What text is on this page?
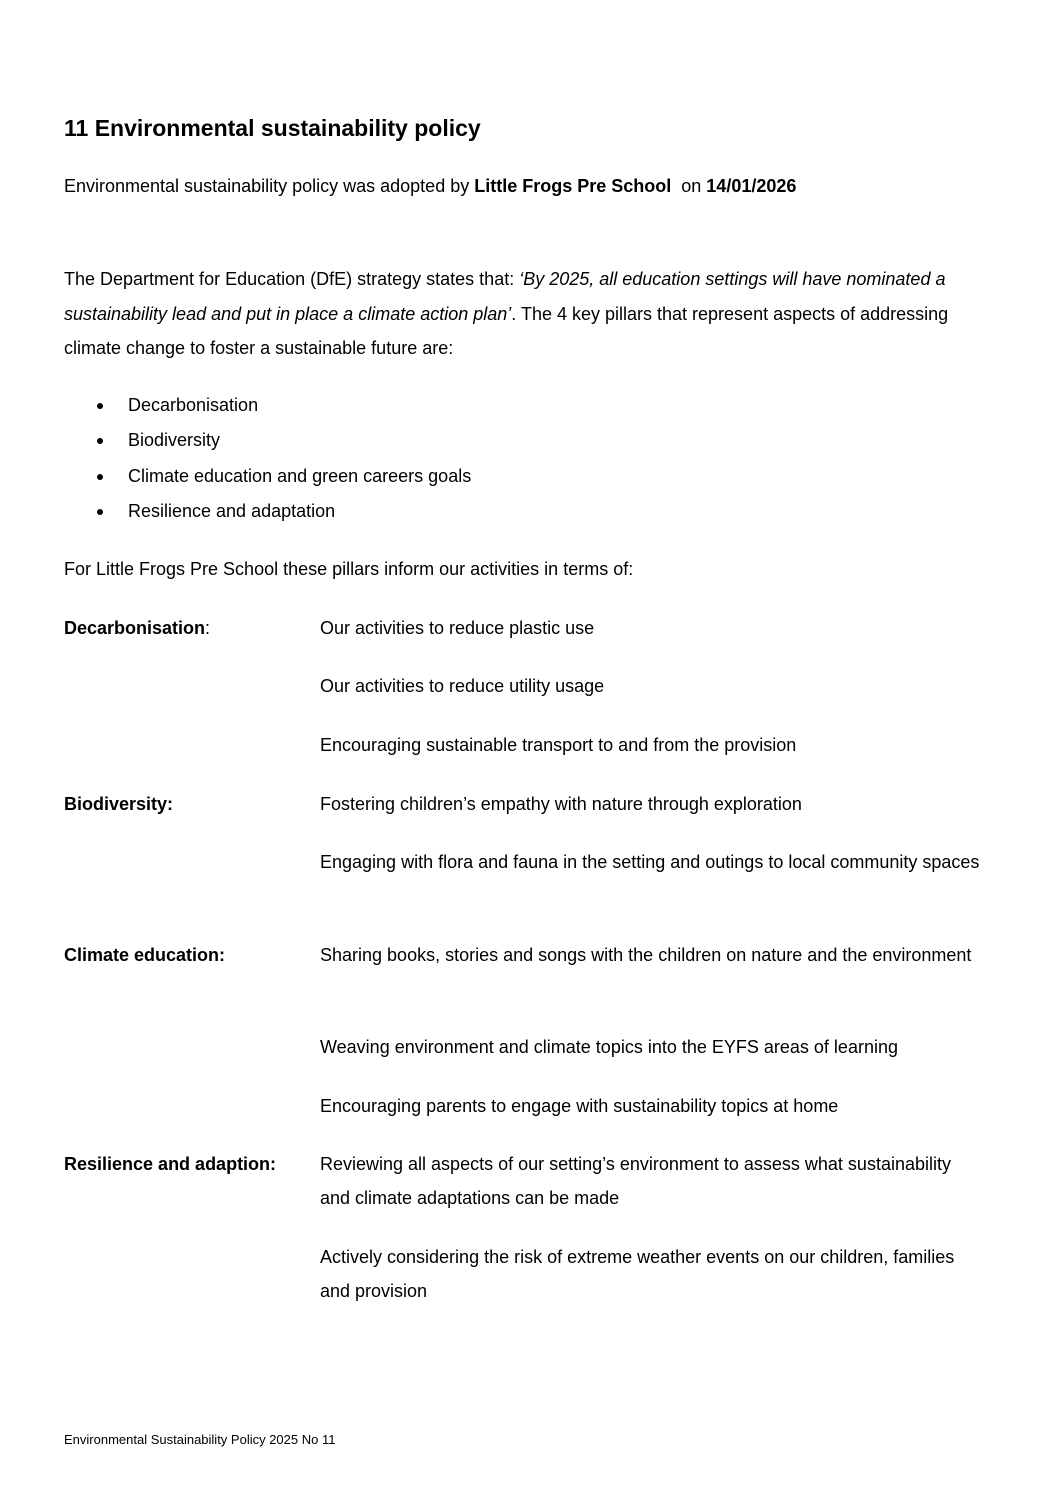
11 Environmental sustainability policy

Environmental sustainability policy was adopted by Little Frogs Pre School  on 14/01/2026

The Department for Education (DfE) strategy states that: ‘By 2025, all education settings will have nominated a sustainability lead and put in place a climate action plan’. The 4 key pillars that represent aspects of addressing climate change to foster a sustainable future are:

Decarbonisation
Biodiversity
Climate education and green careers goals
Resilience and adaptation

For Little Frogs Pre School these pillars inform our activities in terms of:

Decarbonisation:	Our activities to reduce plastic use

Our activities to reduce utility usage

Encouraging sustainable transport to and from the provision

Biodiversity:	Fostering children’s empathy with nature through exploration

Engaging with flora and fauna in the setting and outings to local community spaces

Climate education:	Sharing books, stories and songs with the children on nature and the environment

Weaving environment and climate topics into the EYFS areas of learning

Encouraging parents to engage with sustainability topics at home

Resilience and adaption: Reviewing all aspects of our setting’s environment to assess what sustainability and climate adaptations can be made

Actively considering the risk of extreme weather events on our children, families and provision

Environmental Sustainability Policy 2025 No 11
